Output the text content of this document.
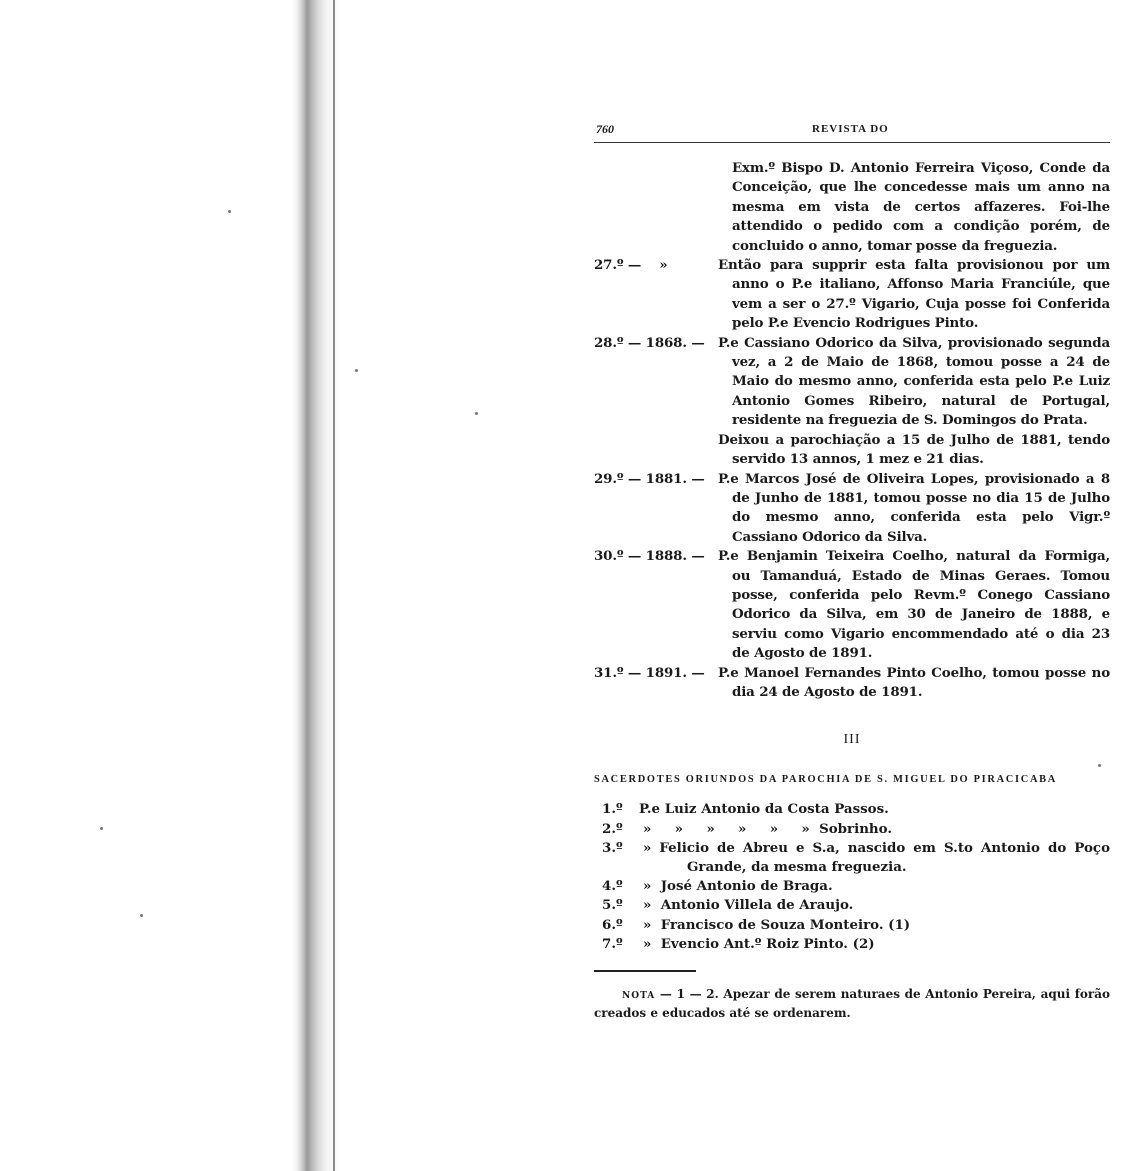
760	REVISTA DO
Exm.º Bispo D. Antonio Ferreira Viçoso, Conde da Conceição, que lhe concedesse mais um anno na mesma em vista de certos affazeres. Foi-lhe attendido o pedido com a condição porém, de concluido o anno, tomar posse da freguezia.
27.º —    »	Então para supprir esta falta provisionou por um anno o P.e italiano, Affonso Maria Franciúle, que vem a ser o 27.º Vigario, Cuja posse foi Conferida pelo P.e Evencio Rodrigues Pinto.
28.º — 1868. — P.e Cassiano Odorico da Silva, provisionado segunda vez, a 2 de Maio de 1868, tomou posse a 24 de Maio do mesmo anno, conferida esta pelo P.e Luiz Antonio Gomes Ribeiro, natural de Portugal, residente na freguezia de S. Domingos do Prata.
Deixou a parochiação a 15 de Julho de 1881, tendo servido 13 annos, 1 mez e 21 dias.
29.º — 1881. — P.e Marcos José de Oliveira Lopes, provisionado a 8 de Junho de 1881, tomou posse no dia 15 de Julho do mesmo anno, conferida esta pelo Vigr.º Cassiano Odorico da Silva.
30.º — 1888. — P.e Benjamin Teixeira Coelho, natural da Formiga, ou Tamanduá, Estado de Minas Geraes. Tomou posse, conferida pelo Revm.º Conego Cassiano Odorico da Silva, em 30 de Janeiro de 1888, e serviu como Vigario encommendado até o dia 23 de Agosto de 1891.
31.º — 1891. — P.e Manoel Fernandes Pinto Coelho, tomou posse no dia 24 de Agosto de 1891.
III
SACERDOTES ORIUNDOS DA PAROCHIA DE S. MIGUEL DO PIRACICABA
1.º P.e Luiz Antonio da Costa Passos.
2.º »     »     »     »     »     »  Sobrinho.
3.º » Felicio de Abreu e S.a, nascido em S.to Antonio do Poço Grande, da mesma freguezia.
4.º »  José Antonio de Braga.
5.º »  Antonio Villela de Araujo.
6.º »  Francisco de Souza Monteiro. (1)
7.º »  Evencio Ant.º Roiz Pinto. (2)
NOTA — 1 — 2. Apezar de serem naturaes de Antonio Pereira, aqui forão creados e educados até se ordenarem.
